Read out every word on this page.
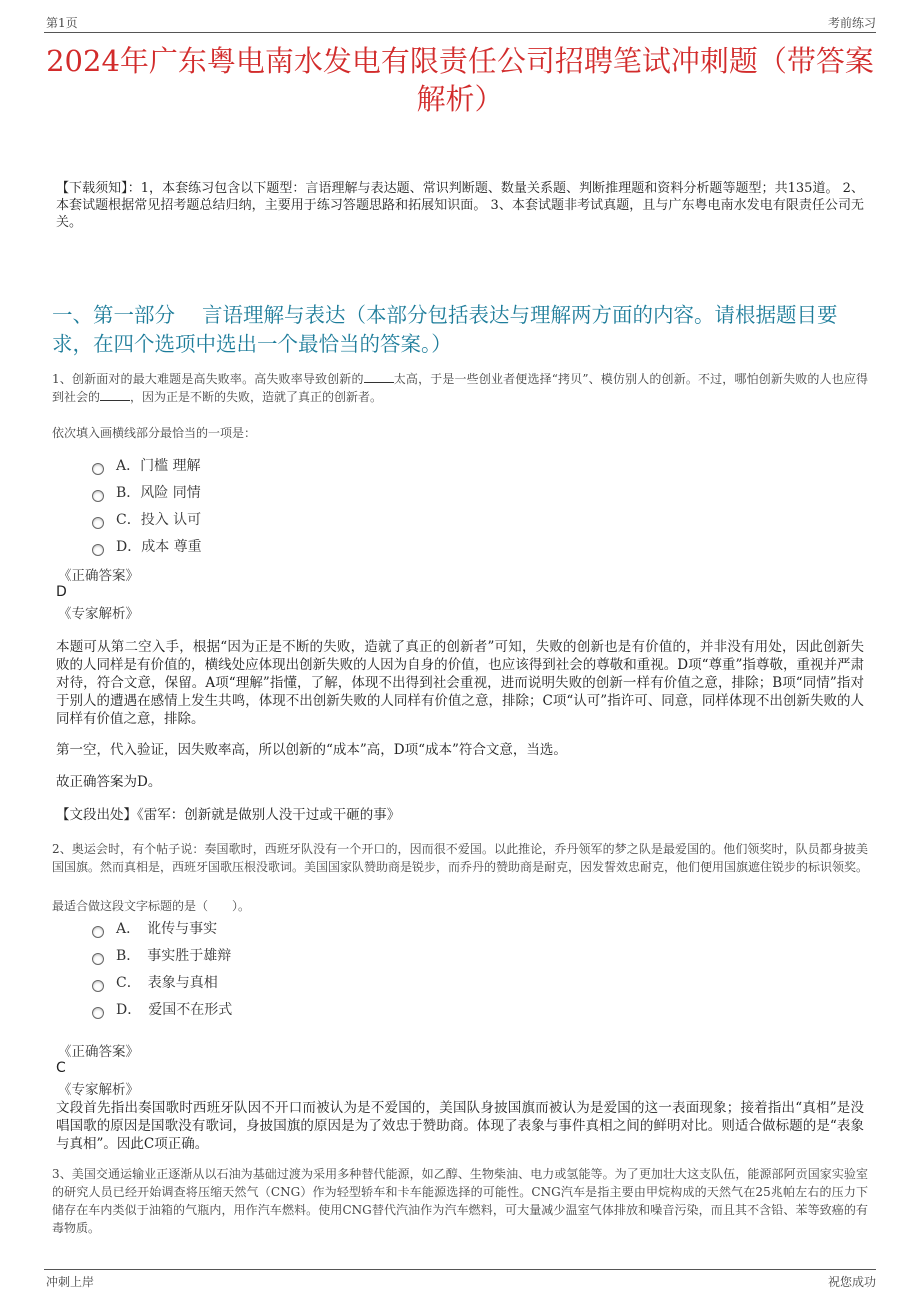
第1页	考前练习
2024年广东粤电南水发电有限责任公司招聘笔试冲刺题（带答案解析）
【下载须知】：1，本套练习包含以下题型：言语理解与表达题、常识判断题、数量关系题、判断推理题和资料分析题等题型；共135道。 2、本套试题根据常见招考题总结归纳，主要用于练习答题思路和拓展知识面。 3、本套试题非考试真题，且与广东粤电南水发电有限责任公司无关。
一、第一部分　 言语理解与表达（本部分包括表达与理解两方面的内容。请根据题目要求，在四个选项中选出一个最恰当的答案。）
1、创新面对的最大难题是高失败率。高失败率导致创新的	太高，于是一些创业者便选择“拷贝”、模仿别人的创新。不过，哪怕创新失败的人也应得到社会的	，因为正是不断的失败，造就了真正的创新者。
依次填入画横线部分最恰当的一项是：
A．门槛 理解
B．风险 同情
C．投入 认可
D．成本 尊重
《正确答案》
D
《专家解析》
本题可从第二空入手，根据“因为正是不断的失败，造就了真正的创新者”可知，失败的创新也是有价值的，并非没有用处，因此创新失败的人同样是有价值的，横线处应体现出创新失败的人因为自身的价值，也应该得到社会的尊敬和重视。D项“尊重”指尊敬，重视并严肃对待，符合文意，保留。A项“理解”指懂，了解，体现不出得到社会重视，进而说明失败的创新一样有价值之意，排除；B项“同情”指对于别人的遭遇在感情上发生共鸣，体现不出创新失败的人同样有价值之意，排除；C项“认可”指许可、同意，同样体现不出创新失败的人同样有价值之意，排除。
第一空，代入验证，因失败率高，所以创新的“成本”高，D项“成本”符合文意，当选。
故正确答案为D。
【文段出处】《雷军：创新就是做别人没干过或干砸的事》
2、奥运会时，有个帖子说：奏国歌时，西班牙队没有一个开口的，因而很不爱国。以此推论，乔丹领军的梦之队是最爱国的。他们领奖时，队员都身披美国国旗。然而真相是，西班牙国歌压根没歌词。美国国家队赞助商是锐步，而乔丹的赞助商是耐克，因发誓效忠耐克，他们便用国旗遮住锐步的标识领奖。
最适合做这段文字标题的是（　　）。
A．　讹传与事实
B．　事实胜于雄辩
C．　表象与真相
D．　爱国不在形式
《正确答案》
C
《专家解析》
文段首先指出奏国歌时西班牙队因不开口而被认为是不爱国的，美国队身披国旗而被认为是爱国的这一表面现象；接着指出“真相”是没唱国歌的原因是国歌没有歌词，身披国旗的原因是为了效忠于赞助商。体现了表象与事件真相之间的鲜明对比。则适合做标题的是“表象与真相”。因此C项正确。
3、美国交通运输业正逐渐从以石油为基础过渡为采用多种替代能源，如乙醇、生物柴油、电力或氢能等。为了更加壮大这支队伍，能源部阿贡国家实验室的研究人员已经开始调查将压缩天然气（CNG）作为轻型轿车和卡车能源选择的可能性。CNG汽车是指主要由甲烷构成的天然气在25兆帕左右的压力下储存在车内类似于油箱的气瓶内，用作汽车燃料。使用CNG替代汽油作为汽车燃料，可大量减少温室气体排放和噪音污染，而且其不含铅、苯等致癌的有毒物质。
冲刺上岸	祝您成功
